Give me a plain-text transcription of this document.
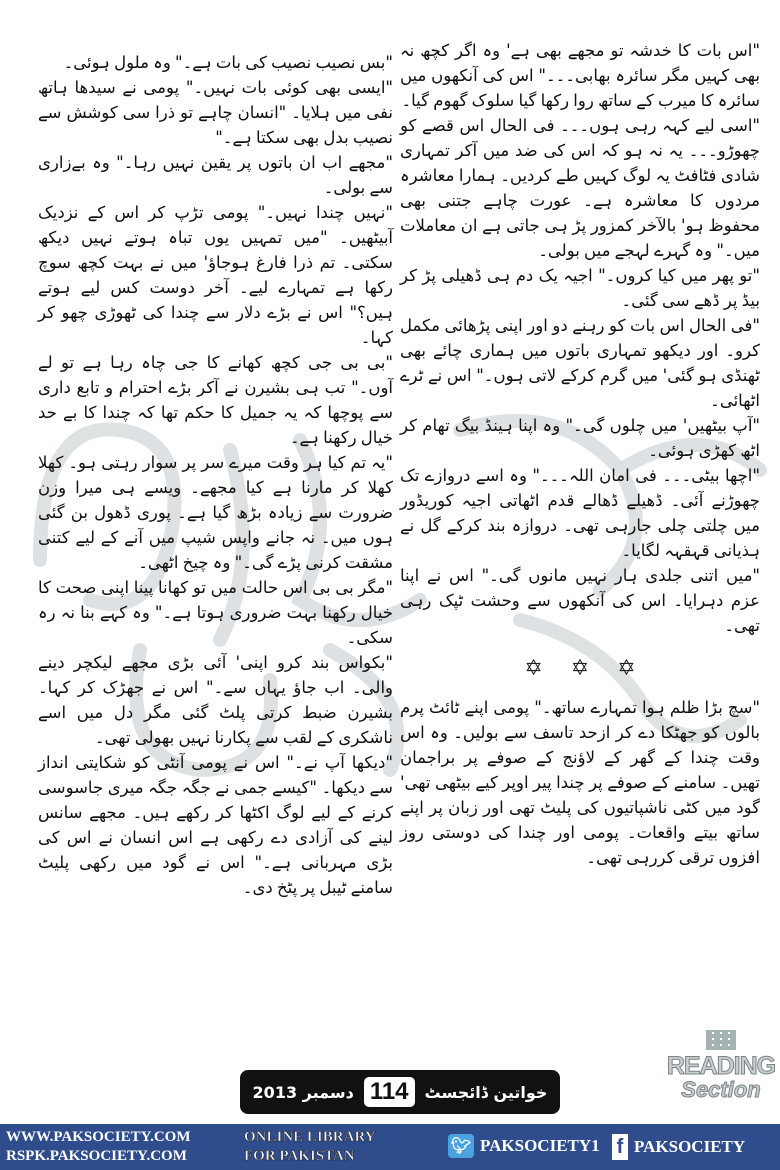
"اس بات کا خدشہ تو مجھے بھی ہے' وہ اگر کچھ نہ بھی کہیں مگر سائرہ بھابی۔۔۔" اس کی آنکھوں میں سائرہ کا میرب کے ساتھ روا رکھا گیا سلوک گھوم گیا۔

"اسی لیے کہہ رہی ہوں۔۔۔ فی الحال اس قصے کو چھوڑو۔۔۔ یہ نہ ہو کہ اس کی ضد میں آکر تمہاری شادی فٹافٹ یہ لوگ کہیں طے کردیں۔ ہمارا معاشرہ مردوں کا معاشرہ ہے۔ عورت چاہے جتنی بھی محفوظ ہو' بالآخر کمزور پڑ ہی جاتی ہے ان معاملات میں۔" وہ گہرے لہجے میں بولی۔

"تو پھر میں کیا کروں۔" اجیہ یک دم ہی ڈھیلی پڑ کر بیڈ پر ڈھے سی گئی۔

"فی الحال اس بات کو رہنے دو اور اپنی پڑھائی مکمل کرو۔ اور دیکھو تمہاری باتوں میں ہماری چائے بھی ٹھنڈی ہو گئی' میں گرم کرکے لاتی ہوں۔" اس نے ٹرے اٹھائی۔

"آپ بیٹھیں' میں چلوں گی۔" وہ اپنا ہینڈ بیگ تھام کر اٹھ کھڑی ہوئی۔

"اچھا بیٹی۔۔۔ فی امان اللہ۔۔۔" وہ اسے دروازے تک چھوڑنے آئی۔ ڈھیلے ڈھالے قدم اٹھاتی اجیہ کوریڈور میں چلتی چلی جارہی تھی۔ دروازہ بند کرکے گل نے ہذیانی قہقہہ لگایا۔

"میں اتنی جلدی ہار نہیں مانوں گی۔" اس نے اپنا عزم دہرایا۔ اس کی آنکھوں سے وحشت ٹپک رہی تھی۔

✡
✡
✡

"سچ بڑا ظلم ہوا تمہارے ساتھ۔" پومی اپنے ٹائٹ پرم بالوں کو جھٹکا دے کر ازحد تاسف سے بولیں۔ وہ اس وقت چندا کے گھر کے لاؤنج کے صوفے پر براجمان تھیں۔ سامنے کے صوفے پر چندا پیر اوپر کیے بیٹھی تھی' گود میں کٹی ناشپاتیوں کی پلیٹ تھی اور زبان پر اپنے ساتھ بیتے واقعات۔ پومی اور چندا کی دوستی روز افزوں ترقی کررہی تھی۔

"بس نصیب نصیب کی بات ہے۔" وہ ملول ہوئی۔

"ایسی بھی کوئی بات نہیں۔" پومی نے سیدھا ہاتھ نفی میں ہلایا۔ "انسان چاہے تو ذرا سی کوشش سے نصیب بدل بھی سکتا ہے۔"

"مجھے اب ان باتوں پر یقین نہیں رہا۔" وہ بےزاری سے بولی۔

"نہیں چندا نہیں۔" پومی تڑپ کر اس کے نزدیک آبیٹھیں۔ "میں تمہیں یوں تباہ ہوتے نہیں دیکھ سکتی۔ تم ذرا فارغ ہوجاؤ' میں نے بہت کچھ سوچ رکھا ہے تمہارے لیے۔ آخر دوست کس لیے ہوتے ہیں؟" اس نے بڑے دلار سے چندا کی ٹھوڑی چھو کر کہا۔

"بی بی جی کچھ کھانے کا جی چاہ رہا ہے تو لے آوں۔" تب ہی بشیرن نے آکر بڑے احترام و تابع داری سے پوچھا کہ یہ جمیل کا حکم تھا کہ چندا کا بے حد خیال رکھنا ہے۔

"یہ تم کیا ہر وقت میرے سر پر سوار رہتی ہو۔ کھلا کھلا کر مارنا ہے کیا مجھے۔ ویسے ہی میرا وزن ضرورت سے زیادہ بڑھ گیا ہے۔ پوری ڈھول بن گئی ہوں میں۔ نہ جانے واپس شیپ میں آنے کے لیے کتنی مشقت کرنی پڑے گی۔" وہ چیخ اٹھی۔

"مگر بی بی اس حالت میں تو کھانا پینا اپنی صحت کا خیال رکھنا بہت ضروری ہوتا ہے۔" وہ کہے بنا نہ رہ سکی۔

"بکواس بند کرو اپنی' آئی بڑی مجھے لیکچر دینے والی۔ اب جاؤ یہاں سے۔" اس نے جھڑک کر کہا۔ بشیرن ضبط کرتی پلٹ گئی مگر دل میں اسے ناشکری کے لقب سے پکارنا نہیں بھولی تھی۔

"دیکھا آپ نے۔" اس نے پومی آنٹی کو شکایتی انداز سے دیکھا۔ "کیسے جمی نے جگہ جگہ میری جاسوسی کرنے کے لیے لوگ اکٹھا کر رکھے ہیں۔ مجھے سانس لینے کی آزادی دے رکھی ہے اس انسان نے اس کی بڑی مہربانی ہے۔" اس نے گود میں رکھی پلیٹ سامنے ٹیبل پر پٹخ دی۔

خواتین ڈائجسٹ
114
دسمبر 2013
READING
Section
WWW.PAKSOCIETY.COM
RSPK.PAKSOCIETY.COM
ONLINE LIBRARY
FOR PAKISTAN
🐦︎ PAKSOCIETY1 f PAKSOCIETY
